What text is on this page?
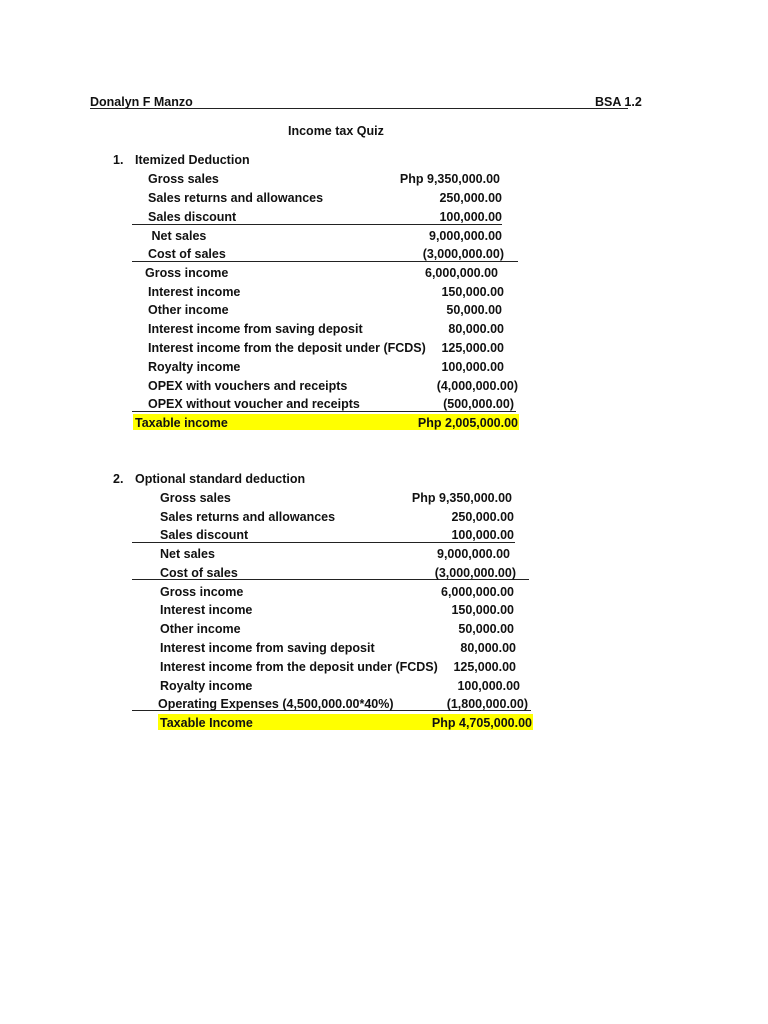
Donalyn F Manzo	BSA 1.2
Income tax Quiz
1. Itemized Deduction
Gross sales	Php 9,350,000.00
Sales returns and allowances	250,000.00
Sales discount	100,000.00
Net sales	9,000,000.00
Cost of sales	(3,000,000.00)
Gross income	6,000,000.00
Interest income	150,000.00
Other income	50,000.00
Interest income from saving deposit	80,000.00
Interest income from the deposit under (FCDS)	125,000.00
Royalty income	100,000.00
OPEX with vouchers and receipts	(4,000,000.00)
OPEX without voucher and receipts	(500,000.00)
Taxable income	Php 2,005,000.00
2. Optional standard deduction
Gross sales	Php 9,350,000.00
Sales returns and allowances	250,000.00
Sales discount	100,000.00
Net sales	9,000,000.00
Cost of sales	(3,000,000.00)
Gross income	6,000,000.00
Interest income	150,000.00
Other income	50,000.00
Interest income from saving deposit	80,000.00
Interest income from the deposit under (FCDS)	125,000.00
Royalty income	100,000.00
Operating Expenses (4,500,000.00*40%)	(1,800,000.00)
Taxable Income	Php 4,705,000.00
